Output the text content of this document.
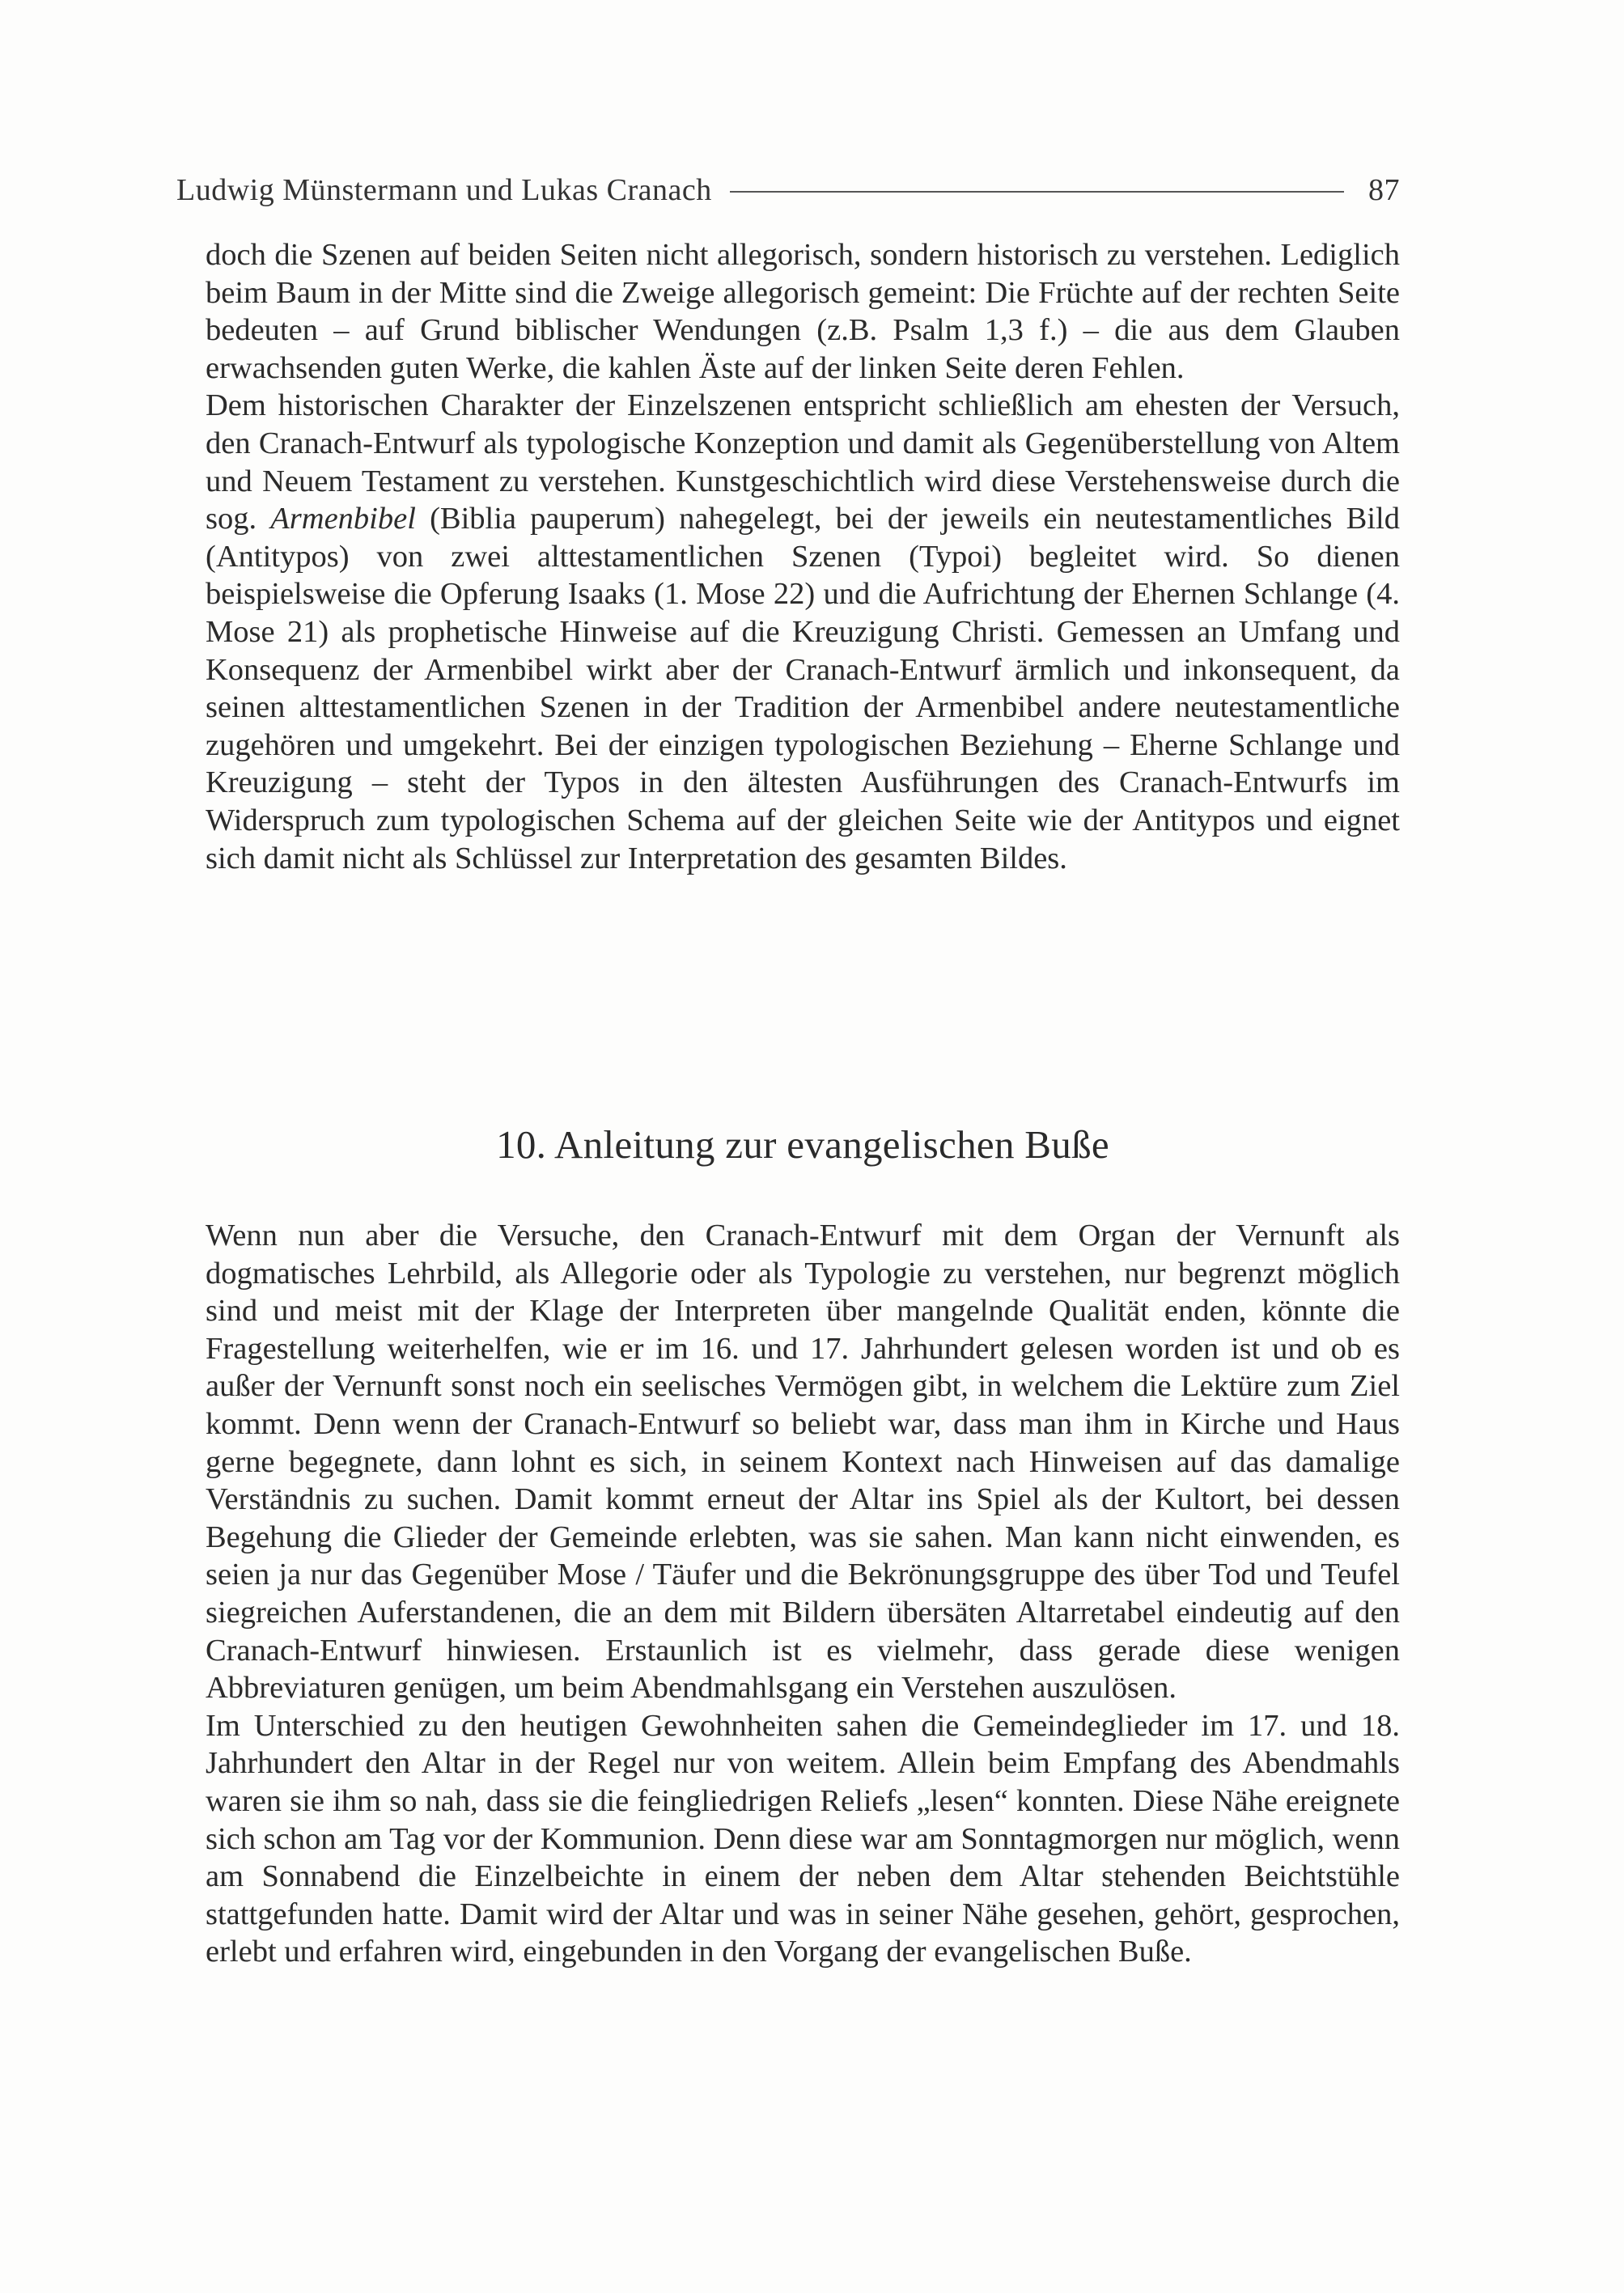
Ludwig Münstermann und Lukas Cranach	87

doch die Szenen auf beiden Seiten nicht allegorisch, sondern historisch zu verstehen. Lediglich beim Baum in der Mitte sind die Zweige allegorisch gemeint: Die Früchte auf der rechten Seite bedeuten – auf Grund biblischer Wendungen (z.B. Psalm 1,3 f.) – die aus dem Glauben erwachsenden guten Werke, die kahlen Äste auf der linken Seite deren Fehlen.

Dem historischen Charakter der Einzelszenen entspricht schließlich am ehesten der Versuch, den Cranach-Entwurf als typologische Konzeption und damit als Gegenüberstellung von Altem und Neuem Testament zu verstehen. Kunstgeschichtlich wird diese Verstehensweise durch die sog. Armenbibel (Biblia pauperum) nahegelegt, bei der jeweils ein neutestamentliches Bild (Antitypos) von zwei alttestamentlichen Szenen (Typoi) begleitet wird. So dienen beispielsweise die Opferung Isaaks (1. Mose 22) und die Aufrichtung der Ehernen Schlange (4. Mose 21) als prophetische Hinweise auf die Kreuzigung Christi. Gemessen an Umfang und Konsequenz der Armenbibel wirkt aber der Cranach-Entwurf ärmlich und inkonsequent, da seinen alttestamentlichen Szenen in der Tradition der Armenbibel andere neutestamentliche zugehören und umgekehrt. Bei der einzigen typologischen Beziehung – Eherne Schlange und Kreuzigung – steht der Typos in den ältesten Ausführungen des Cranach-Entwurfs im Widerspruch zum typologischen Schema auf der gleichen Seite wie der Antitypos und eignet sich damit nicht als Schlüssel zur Interpretation des gesamten Bildes.

10. Anleitung zur evangelischen Buße

Wenn nun aber die Versuche, den Cranach-Entwurf mit dem Organ der Vernunft als dogmatisches Lehrbild, als Allegorie oder als Typologie zu verstehen, nur begrenzt möglich sind und meist mit der Klage der Interpreten über mangelnde Qualität enden, könnte die Fragestellung weiterhelfen, wie er im 16. und 17. Jahrhundert gelesen worden ist und ob es außer der Vernunft sonst noch ein seelisches Vermögen gibt, in welchem die Lektüre zum Ziel kommt. Denn wenn der Cranach-Entwurf so beliebt war, dass man ihm in Kirche und Haus gerne begegnete, dann lohnt es sich, in seinem Kontext nach Hinweisen auf das damalige Verständnis zu suchen. Damit kommt erneut der Altar ins Spiel als der Kultort, bei dessen Begehung die Glieder der Gemeinde erlebten, was sie sahen. Man kann nicht einwenden, es seien ja nur das Gegenüber Mose / Täufer und die Bekrönungsgruppe des über Tod und Teufel siegreichen Auferstandenen, die an dem mit Bildern übersäten Altarretabel eindeutig auf den Cranach-Entwurf hinwiesen. Erstaunlich ist es vielmehr, dass gerade diese wenigen Abbreviaturen genügen, um beim Abendmahlsgang ein Verstehen auszulösen.

Im Unterschied zu den heutigen Gewohnheiten sahen die Gemeindeglieder im 17. und 18. Jahrhundert den Altar in der Regel nur von weitem. Allein beim Empfang des Abendmahls waren sie ihm so nah, dass sie die feingliedrigen Reliefs „lesen“ konnten. Diese Nähe ereignete sich schon am Tag vor der Kommunion. Denn diese war am Sonntagmorgen nur möglich, wenn am Sonnabend die Einzelbeichte in einem der neben dem Altar stehenden Beichtstühle stattgefunden hatte. Damit wird der Altar und was in seiner Nähe gesehen, gehört, gesprochen, erlebt und erfahren wird, eingebunden in den Vorgang der evangelischen Buße.
